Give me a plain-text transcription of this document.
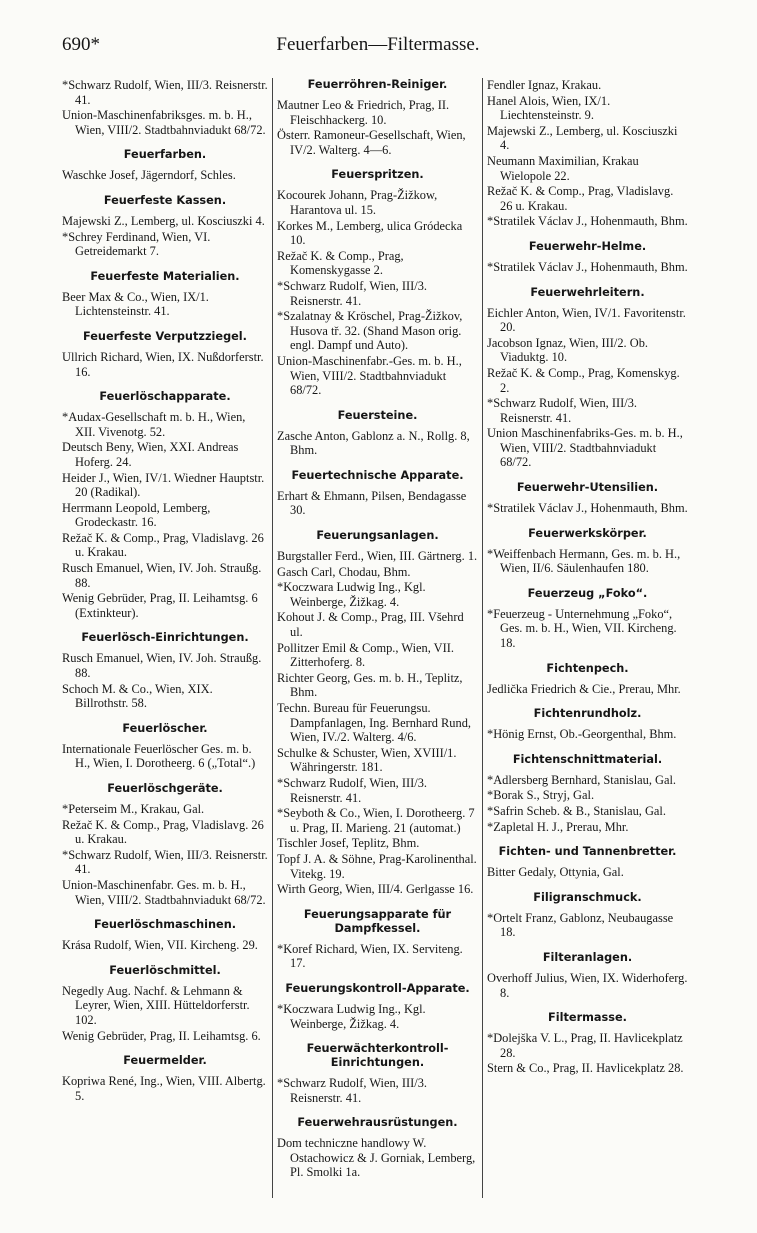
690*	Feuerfarben—Filtermasse.
*Schwarz Rudolf, Wien, III/3. Reisnerstr. 41.
Union-Maschinenfabriksges. m. b. H., Wien, VIII/2. Stadtbahnviadukt 68/72.
Feuerfarben.
Waschke Josef, Jägerndorf, Schles.
Feuerfeste Kassen.
Majewski Z., Lemberg, ul. Kosciuszki 4.
*Schrey Ferdinand, Wien, VI. Getreidemarkt 7.
Feuerfeste Materialien.
Beer Max & Co., Wien, IX/1. Lichtensteinstr. 41.
Feuerfeste Verputzziegel.
Ullrich Richard, Wien, IX. Nußdorferstr. 16.
Feuerlöschapparate.
*Audax-Gesellschaft m. b. H., Wien, XII. Vivenotg. 52.
Deutsch Beny, Wien, XXI. Andreas Hoferg. 24.
Heider J., Wien, IV/1. Wiedner Hauptstr. 20 (Radikal).
Herrmann Leopold, Lemberg, Grodeckastr. 16.
Režač K. & Comp., Prag, Vladislavg. 26 u. Krakau.
Rusch Emanuel, Wien, IV. Joh. Straußg. 88.
Wenig Gebrüder, Prag, II. Leihamtsg. 6 (Extinkteur).
Feuerlösch-Einrichtungen.
Rusch Emanuel, Wien, IV. Joh. Straußg. 88.
Schoch M. & Co., Wien, XIX. Billrothstr. 58.
Feuerlöscher.
Internationale Feuerlöscher Ges. m. b. H., Wien, I. Dorotheerg. 6 („Total“.)
Feuerlöschgeräte.
*Peterseim M., Krakau, Gal.
Režač K. & Comp., Prag, Vladislavg. 26 u. Krakau.
*Schwarz Rudolf, Wien, III/3. Reisnerstr. 41.
Union-Maschinenfabr. Ges. m. b. H., Wien, VIII/2. Stadtbahnviadukt 68/72.
Feuerlöschmaschinen.
Krása Rudolf, Wien, VII. Kircheng. 29.
Feuerlöschmittel.
Negedly Aug. Nachf. & Lehmann & Leyrer, Wien, XIII. Hütteldorferstr. 102.
Wenig Gebrüder, Prag, II. Leihamtsg. 6.
Feuermelder.
Kopriwa René, Ing., Wien, VIII. Albertg. 5.
Feuerröhren-Reiniger.
Mautner Leo & Friedrich, Prag, II. Fleischhackerg. 10.
Österr. Ramoneur-Gesellschaft, Wien, IV/2. Walterg. 4—6.
Feuerspritzen.
Kocourek Johann, Prag-Žižkow, Harantova ul. 15.
Korkes M., Lemberg, ulica Gródecka 10.
Režač K. & Comp., Prag, Komenskygasse 2.
*Schwarz Rudolf, Wien, III/3. Reisnerstr. 41.
*Szalatnay & Kröschel, Prag-Žižkov, Husova tř. 32. (Shand Mason orig. engl. Dampf und Auto).
Union-Maschinenfabr.-Ges. m. b. H., Wien, VIII/2. Stadtbahnviadukt 68/72.
Feuersteine.
Zasche Anton, Gablonz a. N., Rollg. 8, Bhm.
Feuertechnische Apparate.
Erhart & Ehmann, Pilsen, Bendagasse 30.
Feuerungsanlagen.
Burgstaller Ferd., Wien, III. Gärtnerg. 1.
Gasch Carl, Chodau, Bhm.
*Koczwara Ludwig Ing., Kgl. Weinberge, Žižkag. 4.
Kohout J. & Comp., Prag, III. Všehrd ul.
Pollitzer Emil & Comp., Wien, VII. Zitterhoferg. 8.
Richter Georg, Ges. m. b. H., Teplitz, Bhm.
Techn. Bureau für Feuerungsu. Dampfanlagen, Ing. Bernhard Rund, Wien, IV./2. Walterg. 4/6.
Schulke & Schuster, Wien, XVIII/1. Währingerstr. 181.
*Schwarz Rudolf, Wien, III/3. Reisnerstr. 41.
*Seyboth & Co., Wien, I. Dorotheerg. 7 u. Prag, II. Marieng. 21 (automat.)
Tischler Josef, Teplitz, Bhm.
Topf J. A. & Söhne, Prag-Karolinenthal. Vitekg. 19.
Wirth Georg, Wien, III/4. Gerlgasse 16.
Feuerungsapparate für Dampfkessel.
*Koref Richard, Wien, IX. Serviteng. 17.
Feuerungskontroll-Apparate.
*Koczwara Ludwig Ing., Kgl. Weinberge, Žižkag. 4.
Feuerwächterkontroll-Einrichtungen.
*Schwarz Rudolf, Wien, III/3. Reisnerstr. 41.
Feuerwehrausrüstungen.
Dom techniczne handlowy W. Ostachowicz & J. Gorniak, Lemberg, Pl. Smolki 1a.
Fendler Ignaz, Krakau.
Hanel Alois, Wien, IX/1. Liechtensteinstr. 9.
Majewski Z., Lemberg, ul. Kosciuszki 4.
Neumann Maximilian, Krakau Wielopole 22.
Režač K. & Comp., Prag, Vladislavg. 26 u. Krakau.
*Stratilek Václav J., Hohenmauth, Bhm.
Feuerwehr-Helme.
*Stratilek Václav J., Hohenmauth, Bhm.
Feuerwehrleitern.
Eichler Anton, Wien, IV/1. Favoritenstr. 20.
Jacobson Ignaz, Wien, III/2. Ob. Viaduktg. 10.
Režač K. & Comp., Prag, Komenskyg. 2.
*Schwarz Rudolf, Wien, III/3. Reisnerstr. 41.
Union Maschinenfabriks-Ges. m. b. H., Wien, VIII/2. Stadtbahnviadukt 68/72.
Feuerwehr-Utensilien.
*Stratilek Václav J., Hohenmauth, Bhm.
Feuerwerkskörper.
*Weiffenbach Hermann, Ges. m. b. H., Wien, II/6. Säulenhaufen 180.
Feuerzeug „Foko“.
*Feuerzeug - Unternehmung „Foko“, Ges. m. b. H., Wien, VII. Kircheng. 18.
Fichtenpech.
Jedlička Friedrich & Cie., Prerau, Mhr.
Fichtenrundholz.
*Hönig Ernst, Ob.-Georgenthal, Bhm.
Fichtenschnittmaterial.
*Adlersberg Bernhard, Stanislau, Gal.
*Borak S., Stryj, Gal.
*Safrin Scheb. & B., Stanislau, Gal.
*Zapletal H. J., Prerau, Mhr.
Fichten- und Tannenbretter.
Bitter Gedaly, Ottynia, Gal.
Filigranschmuck.
*Ortelt Franz, Gablonz, Neubaugasse 18.
Filteranlagen.
Overhoff Julius, Wien, IX. Widerhoferg. 8.
Filtermasse.
*Dolejška V. L., Prag, II. Havlicekplatz 28.
Stern & Co., Prag, II. Havlicekplatz 28.
